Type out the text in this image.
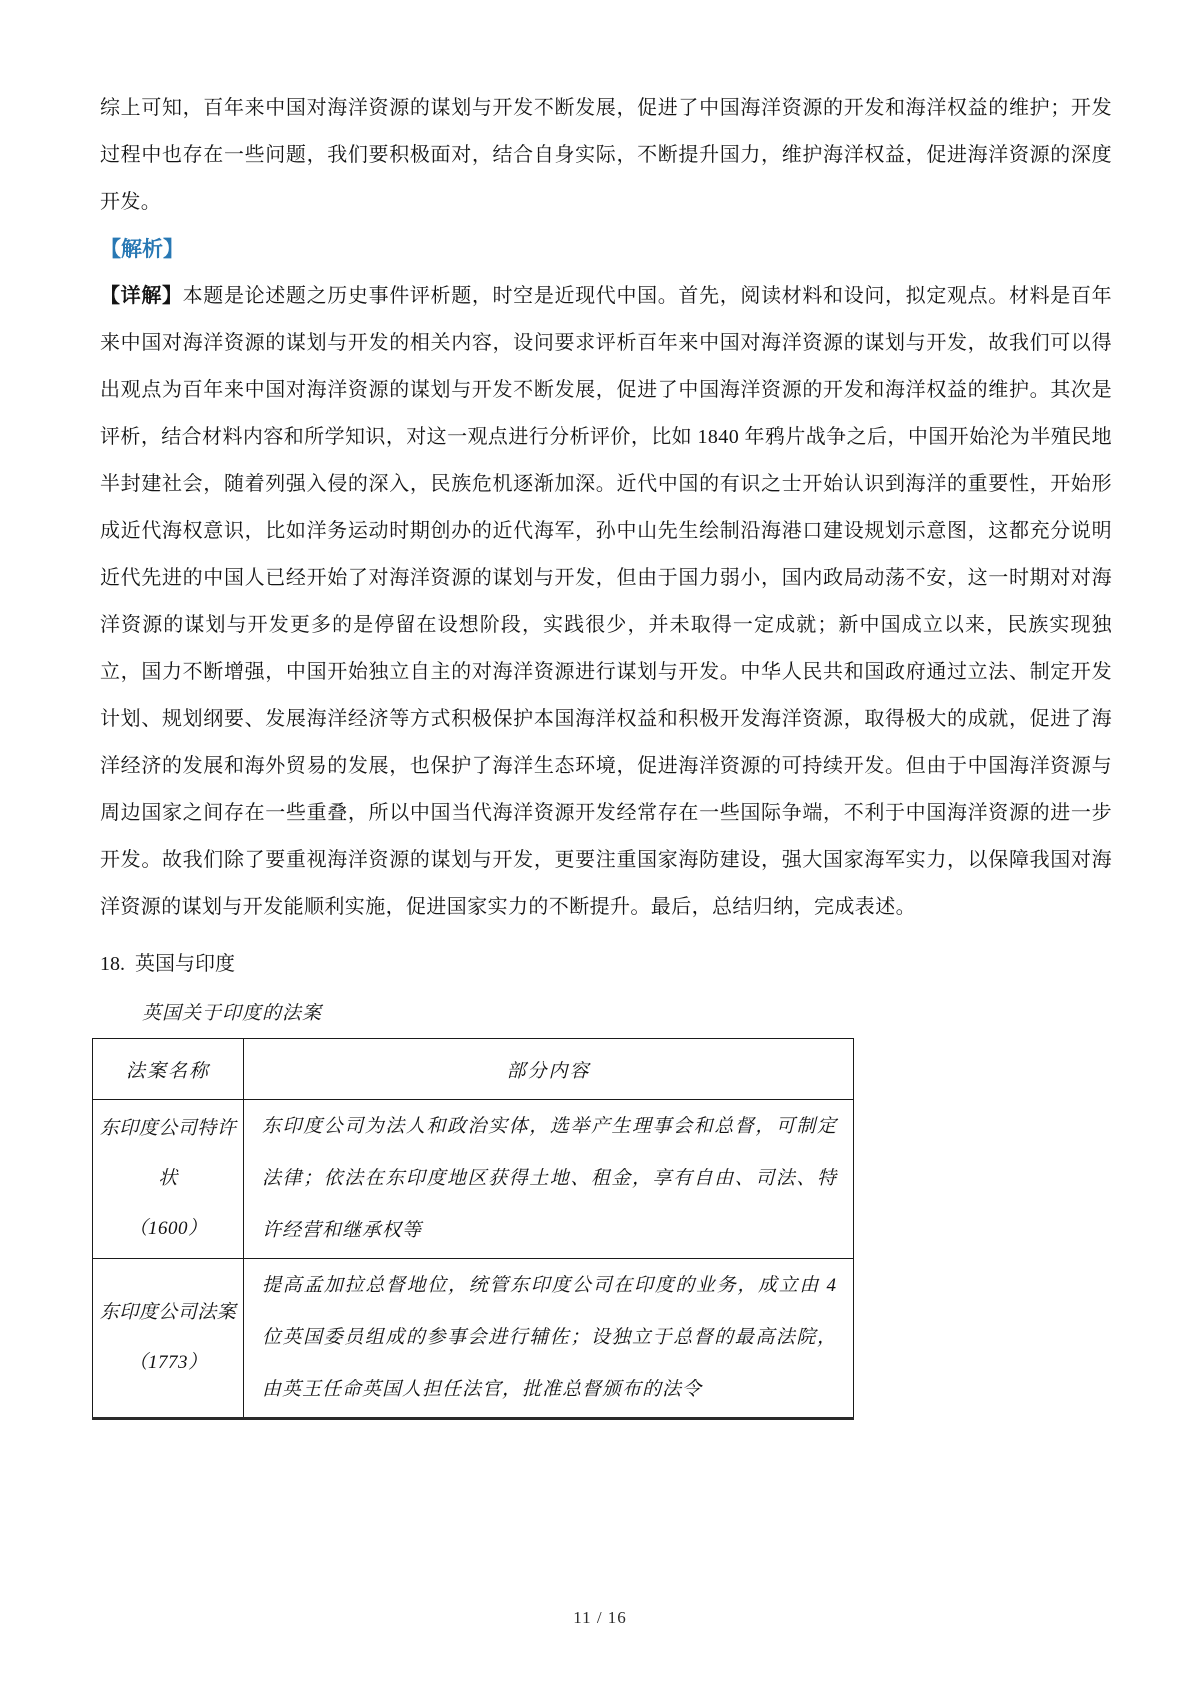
综上可知，百年来中国对海洋资源的谋划与开发不断发展，促进了中国海洋资源的开发和海洋权益的维护；开发过程中也存在一些问题，我们要积极面对，结合自身实际，不断提升国力，维护海洋权益，促进海洋资源的深度开发。
【解析】
【详解】本题是论述题之历史事件评析题，时空是近现代中国。首先，阅读材料和设问，拟定观点。材料是百年来中国对海洋资源的谋划与开发的相关内容，设问要求评析百年来中国对海洋资源的谋划与开发，故我们可以得出观点为百年来中国对海洋资源的谋划与开发不断发展，促进了中国海洋资源的开发和海洋权益的维护。其次是评析，结合材料内容和所学知识，对这一观点进行分析评价，比如 1840 年鸦片战争之后，中国开始沦为半殖民地半封建社会，随着列强入侵的深入，民族危机逐渐加深。近代中国的有识之士开始认识到海洋的重要性，开始形成近代海权意识，比如洋务运动时期创办的近代海军，孙中山先生绘制沿海港口建设规划示意图，这都充分说明近代先进的中国人已经开始了对海洋资源的谋划与开发，但由于国力弱小，国内政局动荡不安，这一时期对对海洋资源的谋划与开发更多的是停留在设想阶段，实践很少，并未取得一定成就；新中国成立以来，民族实现独立，国力不断增强，中国开始独立自主的对海洋资源进行谋划与开发。中华人民共和国政府通过立法、制定开发计划、规划纲要、发展海洋经济等方式积极保护本国海洋权益和积极开发海洋资源，取得极大的成就，促进了海洋经济的发展和海外贸易的发展，也保护了海洋生态环境，促进海洋资源的可持续开发。但由于中国海洋资源与周边国家之间存在一些重叠，所以中国当代海洋资源开发经常存在一些国际争端，不利于中国海洋资源的进一步开发。故我们除了要重视海洋资源的谋划与开发，更要注重国家海防建设，强大国家海军实力，以保障我国对海洋资源的谋划与开发能顺利实施，促进国家实力的不断提升。最后，总结归纳，完成表述。
18. 英国与印度
英国关于印度的法案
法案名称	部分内容

东印度公司特许状
（1600）	东印度公司为法人和政治实体，选举产生理事会和总督，可制定法律；依法在东印度地区获得土地、租金，享有自由、司法、特许经营和继承权等

东印度公司法案
（1773）	提高孟加拉总督地位，统管东印度公司在印度的业务，成立由 4 位英国委员组成的参事会进行辅佐；设独立于总督的最高法院，由英王任命英国人担任法官，批准总督颁布的法令
11 / 16
